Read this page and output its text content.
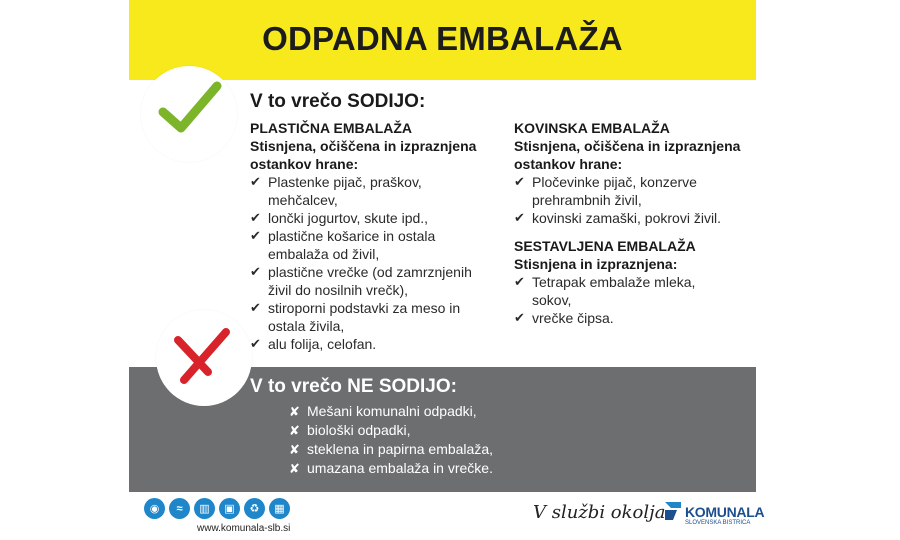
ODPADNA EMBALAŽA
V to vrečo SODIJO:
PLASTIČNA EMBALAŽA
Stisnjena, očiščena in izpraznjena
ostankov hrane:
✔ Plastenke pijač, praškov,
mehčalcev,
✔ lončki jogurtov, skute ipd.,
✔ plastične košarice in ostala
embalaža od živil,
✔ plastične vrečke (od zamrznjenih
živil do nosilnih vrečk),
✔ stiroporni podstavki za meso in
ostala živila,
✔ alu folija, celofan.
KOVINSKA EMBALAŽA
Stisnjena, očiščena in izpraznjena
ostankov hrane:
✔ Pločevinke pijač, konzerve
prehrambnih živil,
✔ kovinski zamaški, pokrovi živil.
SESTAVLJENA EMBALAŽA
Stisnjena in izpraznjena:
✔ Tetrapak embalaže mleka,
sokov,
✔ vrečke čipsa.
V to vrečo NE SODIJO:
✘ Mešani komunalni odpadki,
✘ biološki odpadki,
✘ steklena in papirna embalaža,
✘ umazana embalaža in vrečke.
◉	≈	▥	▣	♻	▦
www.komunala-slb.si
V službi okolja KOMUNALA
SLOVENSKA BISTRICA
